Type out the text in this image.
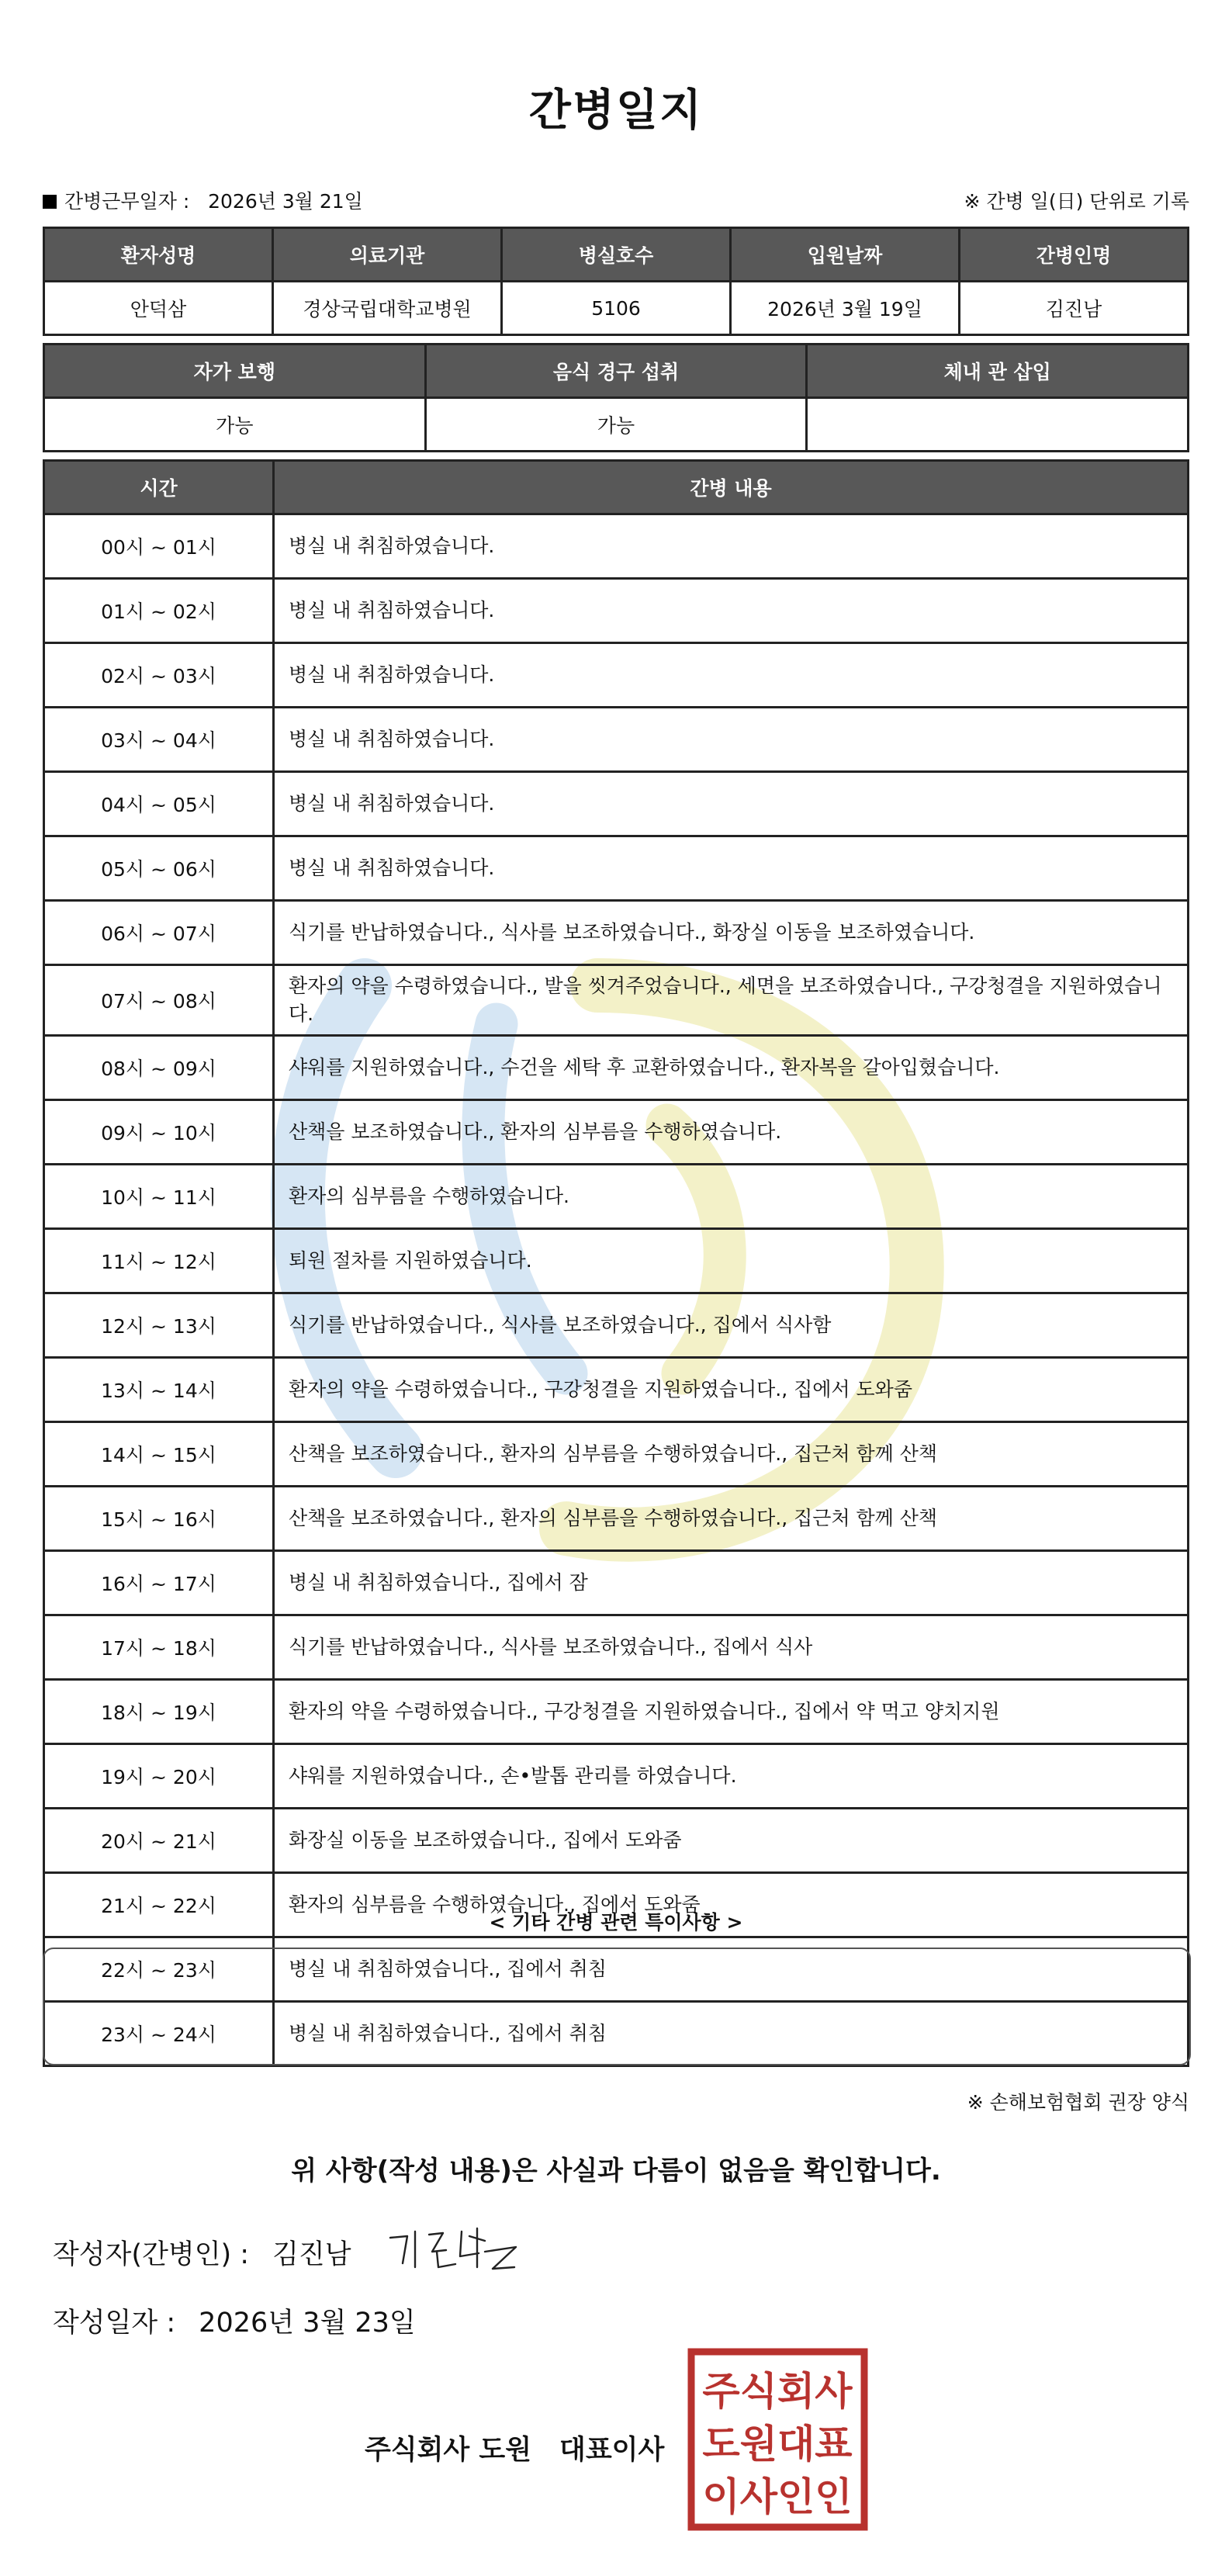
간병일지
간병근무일자 : 2026년 3월 21일	※ 간병 일(日) 단위로 기록
환자성명	의료기관	병실호수	입원날짜	간병인명
안덕삼	경상국립대학교병원	5106	2026년 3월 19일	김진남
자가 보행	음식 경구 섭취	체내 관 삽입
가능	가능	
시간	간병 내용
00시 ~ 01시	병실 내 취침하였습니다.
01시 ~ 02시	병실 내 취침하였습니다.
02시 ~ 03시	병실 내 취침하였습니다.
03시 ~ 04시	병실 내 취침하였습니다.
04시 ~ 05시	병실 내 취침하였습니다.
05시 ~ 06시	병실 내 취침하였습니다.
06시 ~ 07시	식기를 반납하였습니다., 식사를 보조하였습니다., 화장실 이동을 보조하였습니다.
07시 ~ 08시	환자의 약을 수령하였습니다., 발을 씻겨주었습니다., 세면을 보조하였습니다., 구강청결을 지원하였습니다.
08시 ~ 09시	샤워를 지원하였습니다., 수건을 세탁 후 교환하였습니다., 환자복을 갈아입혔습니다.
09시 ~ 10시	산책을 보조하였습니다., 환자의 심부름을 수행하였습니다.
10시 ~ 11시	환자의 심부름을 수행하였습니다.
11시 ~ 12시	퇴원 절차를 지원하였습니다.
12시 ~ 13시	식기를 반납하였습니다., 식사를 보조하였습니다., 집에서 식사함
13시 ~ 14시	환자의 약을 수령하였습니다., 구강청결을 지원하였습니다., 집에서 도와줌
14시 ~ 15시	산책을 보조하였습니다., 환자의 심부름을 수행하였습니다., 집근처 함께 산책
15시 ~ 16시	산책을 보조하였습니다., 환자의 심부름을 수행하였습니다., 집근처 함께 산책
16시 ~ 17시	병실 내 취침하였습니다., 집에서 잠
17시 ~ 18시	식기를 반납하였습니다., 식사를 보조하였습니다., 집에서 식사
18시 ~ 19시	환자의 약을 수령하였습니다., 구강청결을 지원하였습니다., 집에서 약 먹고 양치지원
19시 ~ 20시	샤워를 지원하였습니다., 손•발톱 관리를 하였습니다.
20시 ~ 21시	화장실 이동을 보조하였습니다., 집에서 도와줌
21시 ~ 22시	환자의 심부름을 수행하였습니다., 집에서 도와줌
22시 ~ 23시	병실 내 취침하였습니다., 집에서 취침
23시 ~ 24시	병실 내 취침하였습니다., 집에서 취침
< 기타 간병 관련 특이사항 >
※ 손해보험협회 권장 양식
위 사항(작성 내용)은 사실과 다름이 없음을 확인합니다.
작성자(간병인) : 김진남
작성일자 : 2026년 3월 23일
주식회사 도원 대표이사
주식회사
도원대표
이사인인
